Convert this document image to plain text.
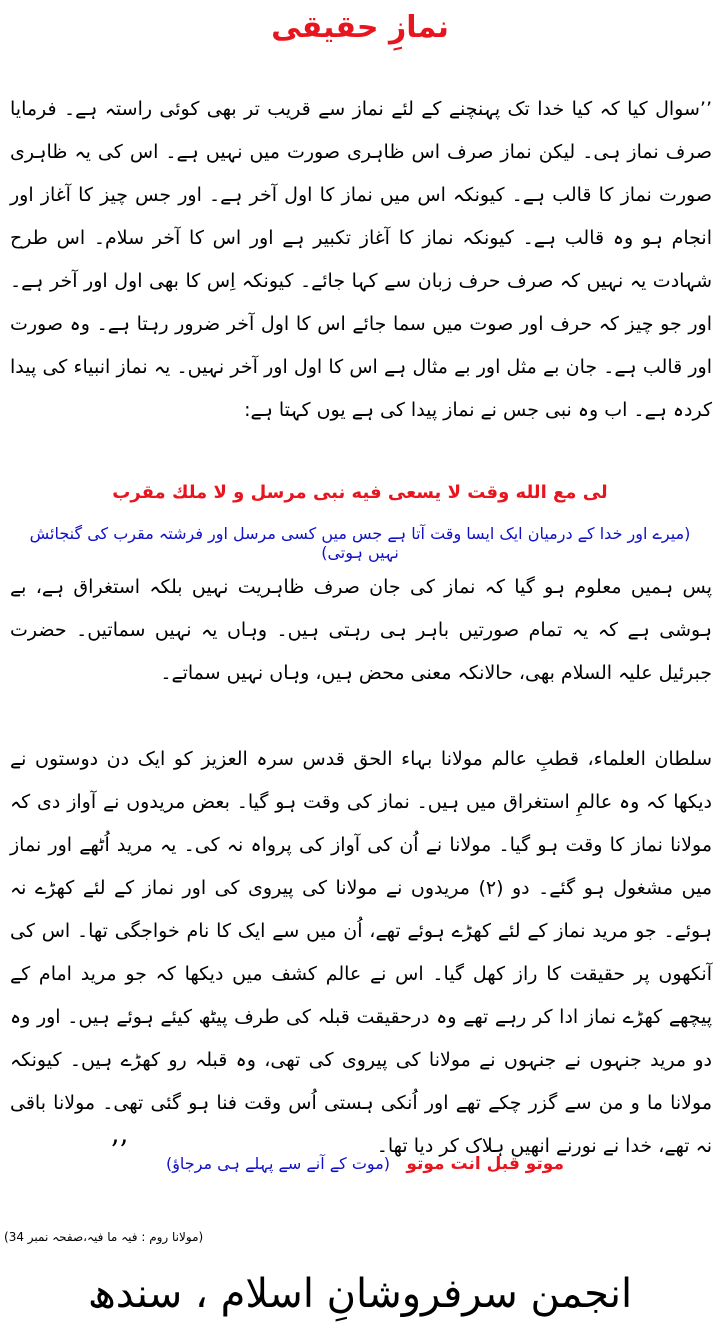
نمازِ حقیقی

’’سوال کیا کہ کیا خدا تک پہنچنے کے لئے نماز سے قریب تر بھی کوئی راستہ ہے۔ فرمایا صرف نماز ہی۔ لیکن نماز صرف اس ظاہری صورت میں نہیں ہے۔ اس کی یہ ظاہری صورت نماز کا قالب ہے۔ کیونکہ اس میں نماز کا اول آخر ہے۔ اور جس چیز کا آغاز اور انجام ہو وہ قالب ہے۔ کیونکہ نماز کا آغاز تکبیر ہے اور اس کا آخر سلام۔ اس طرح شہادت یہ نہیں کہ صرف حرف زبان سے کہا جائے۔ کیونکہ اِس کا بھی اول اور آخر ہے۔ اور جو چیز کہ حرف اور صوت میں سما جائے اس کا اول آخر ضرور رہتا ہے۔ وہ صورت اور قالب ہے۔ جان بے مثل اور بے مثال ہے اس کا اول اور آخر نہیں۔ یہ نماز انبیاء کی پیدا کردہ ہے۔ اب وہ نبی جس نے نماز پیدا کی ہے یوں کہتا ہے:

لی مع الله وقت لا یسعی فیه نبی مرسل و لا ملك مقرب
(میرے اور خدا کے درمیان ایک ایسا وقت آتا ہے جس میں کسی مرسل اور فرشتہ مقرب کی گنجائش نہیں ہوتی)
پس ہمیں معلوم ہو گیا کہ نماز کی جان صرف ظاہریت نہیں بلکہ استغراق ہے، بے ہوشی ہے کہ یہ تمام صورتیں باہر ہی رہتی ہیں۔ وہاں یہ نہیں سماتیں۔ حضرت جبرئیل علیہ السلام بھی، حالانکہ معنی محض ہیں، وہاں نہیں سماتے۔
سلطان العلماء، قطبِ عالم مولانا بہاء الحق قدس سرہ العزیز کو ایک دن دوستوں نے دیکھا کہ وہ عالمِ استغراق میں ہیں۔ نماز کی وقت ہو گیا۔ بعض مریدوں نے آواز دی کہ مولانا نماز کا وقت ہو گیا۔ مولانا نے اُن کی آواز کی پرواہ نہ کی۔ یہ مرید اُٹھے اور نماز میں مشغول ہو گئے۔ دو (۲) مریدوں نے مولانا کی پیروی کی اور نماز کے لئے کھڑے نہ ہوئے۔ جو مرید نماز کے لئے کھڑے ہوئے تھے، اُن میں سے ایک کا نام خواجگی تھا۔ اس کی آنکھوں پر حقیقت کا راز کھل گیا۔ اس نے عالم کشف میں دیکھا کہ جو مرید امام کے پیچھے کھڑے نماز ادا کر رہے تھے وہ درحقیقت قبلہ کی طرف پیٹھ کیئے ہوئے ہیں۔ اور وہ دو مرید جنہوں نے جنہوں نے مولانا کی پیروی کی تھی، وہ قبلہ رو کھڑے ہیں۔ کیونکہ مولانا ما و من سے گزر چکے تھے اور اُنکی ہستی اُس وقت فنا ہو گئی تھی۔ مولانا باقی نہ تھے، خدا نے نورنے انھیں ہلاک کر دیا تھا۔
موتو قبل انت موتو
(موت کے آنے سے پہلے ہی مرجاؤ)
’’
(مولانا روم : فیہ ما فیہ،صفحہ نمبر 34)
انجمن سرفروشانِ اسلام ، سندھ
